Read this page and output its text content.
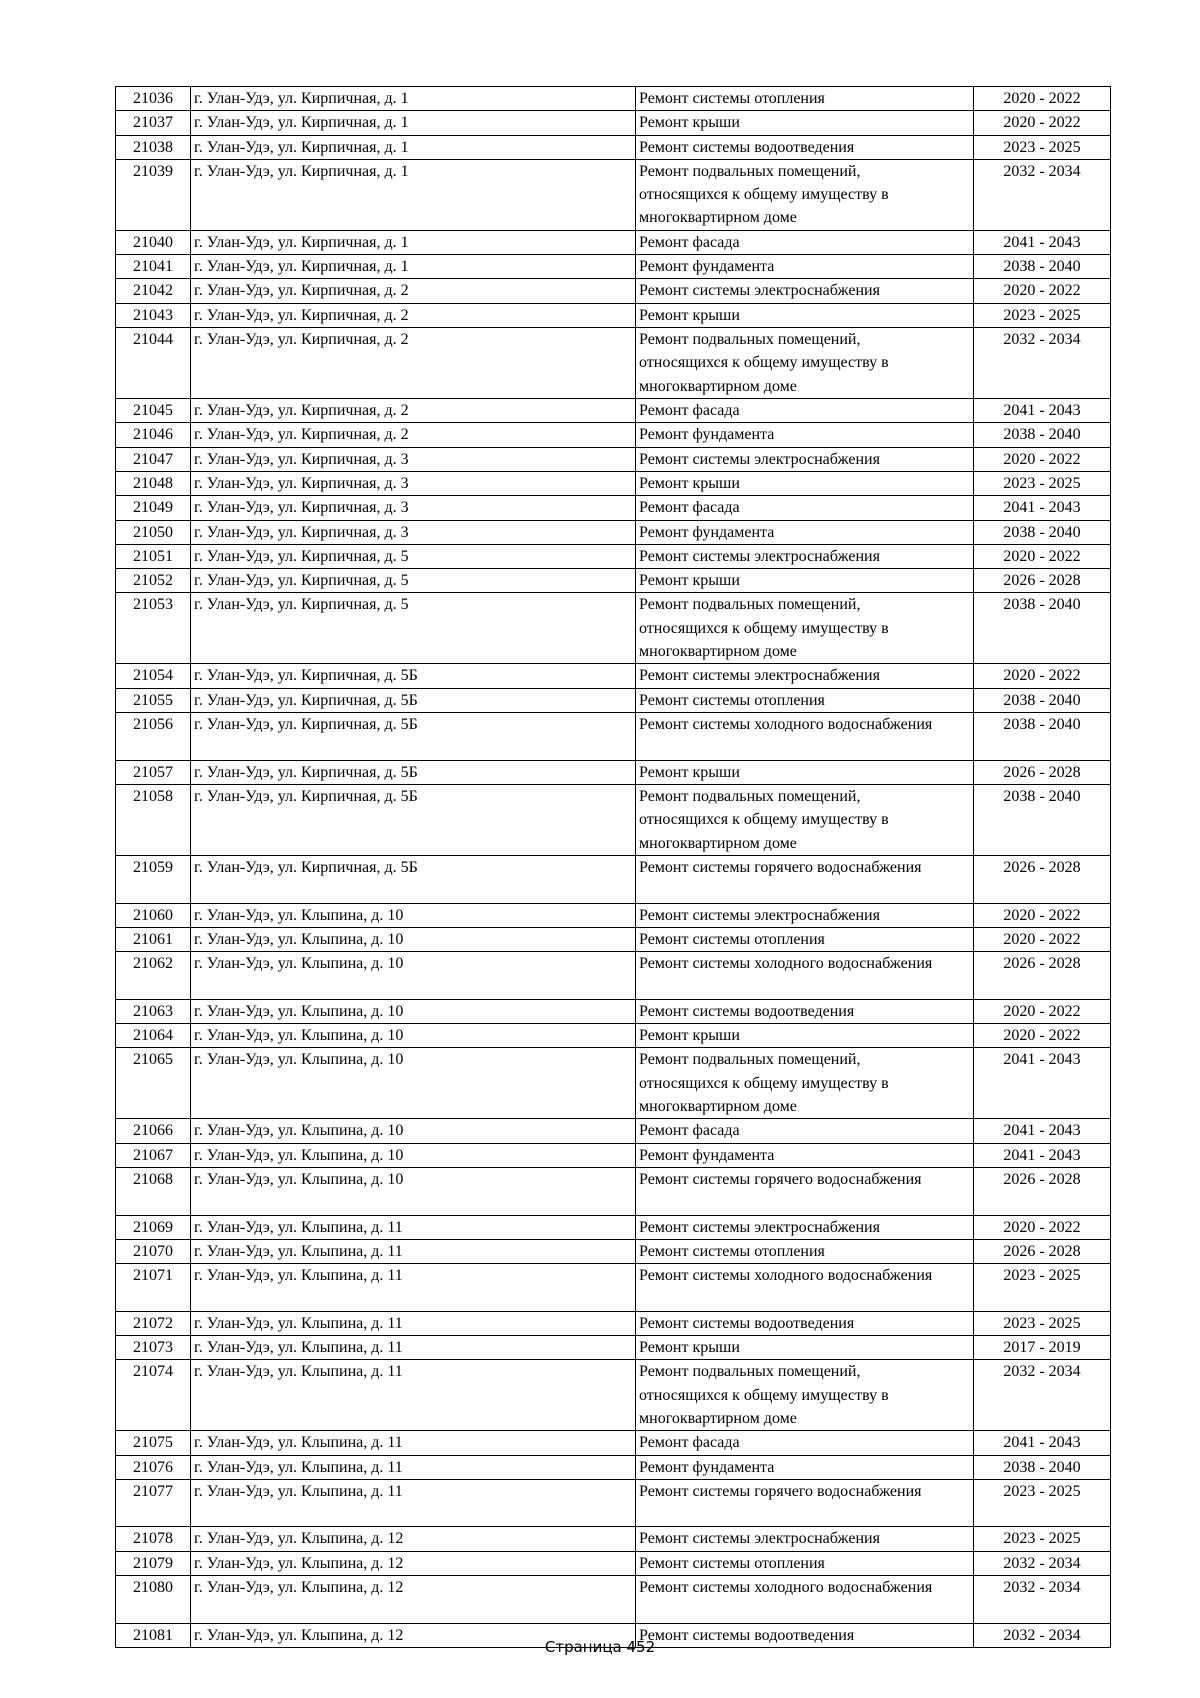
21036	г. Улан-Удэ, ул. Кирпичная, д. 1	Ремонт системы отопления	2020 - 2022
21037	г. Улан-Удэ, ул. Кирпичная, д. 1	Ремонт крыши	2020 - 2022
21038	г. Улан-Удэ, ул. Кирпичная, д. 1	Ремонт системы водоотведения	2023 - 2025
21039	г. Улан-Удэ, ул. Кирпичная, д. 1	Ремонт подвальных помещений,
относящихся к общему имуществу в
многоквартирном доме	2032 - 2034
21040	г. Улан-Удэ, ул. Кирпичная, д. 1	Ремонт фасада	2041 - 2043
21041	г. Улан-Удэ, ул. Кирпичная, д. 1	Ремонт фундамента	2038 - 2040
21042	г. Улан-Удэ, ул. Кирпичная, д. 2	Ремонт системы электроснабжения	2020 - 2022
21043	г. Улан-Удэ, ул. Кирпичная, д. 2	Ремонт крыши	2023 - 2025
21044	г. Улан-Удэ, ул. Кирпичная, д. 2	Ремонт подвальных помещений,
относящихся к общему имуществу в
многоквартирном доме	2032 - 2034
21045	г. Улан-Удэ, ул. Кирпичная, д. 2	Ремонт фасада	2041 - 2043
21046	г. Улан-Удэ, ул. Кирпичная, д. 2	Ремонт фундамента	2038 - 2040
21047	г. Улан-Удэ, ул. Кирпичная, д. 3	Ремонт системы электроснабжения	2020 - 2022
21048	г. Улан-Удэ, ул. Кирпичная, д. 3	Ремонт крыши	2023 - 2025
21049	г. Улан-Удэ, ул. Кирпичная, д. 3	Ремонт фасада	2041 - 2043
21050	г. Улан-Удэ, ул. Кирпичная, д. 3	Ремонт фундамента	2038 - 2040
21051	г. Улан-Удэ, ул. Кирпичная, д. 5	Ремонт системы электроснабжения	2020 - 2022
21052	г. Улан-Удэ, ул. Кирпичная, д. 5	Ремонт крыши	2026 - 2028
21053	г. Улан-Удэ, ул. Кирпичная, д. 5	Ремонт подвальных помещений,
относящихся к общему имуществу в
многоквартирном доме	2038 - 2040
21054	г. Улан-Удэ, ул. Кирпичная, д. 5Б	Ремонт системы электроснабжения	2020 - 2022
21055	г. Улан-Удэ, ул. Кирпичная, д. 5Б	Ремонт системы отопления	2038 - 2040
21056	г. Улан-Удэ, ул. Кирпичная, д. 5Б	Ремонт системы холодного водоснабжения	2038 - 2040
21057	г. Улан-Удэ, ул. Кирпичная, д. 5Б	Ремонт крыши	2026 - 2028
21058	г. Улан-Удэ, ул. Кирпичная, д. 5Б	Ремонт подвальных помещений,
относящихся к общему имуществу в
многоквартирном доме	2038 - 2040
21059	г. Улан-Удэ, ул. Кирпичная, д. 5Б	Ремонт системы горячего водоснабжения	2026 - 2028
21060	г. Улан-Удэ, ул. Клыпина, д. 10	Ремонт системы электроснабжения	2020 - 2022
21061	г. Улан-Удэ, ул. Клыпина, д. 10	Ремонт системы отопления	2020 - 2022
21062	г. Улан-Удэ, ул. Клыпина, д. 10	Ремонт системы холодного водоснабжения	2026 - 2028
21063	г. Улан-Удэ, ул. Клыпина, д. 10	Ремонт системы водоотведения	2020 - 2022
21064	г. Улан-Удэ, ул. Клыпина, д. 10	Ремонт крыши	2020 - 2022
21065	г. Улан-Удэ, ул. Клыпина, д. 10	Ремонт подвальных помещений,
относящихся к общему имуществу в
многоквартирном доме	2041 - 2043
21066	г. Улан-Удэ, ул. Клыпина, д. 10	Ремонт фасада	2041 - 2043
21067	г. Улан-Удэ, ул. Клыпина, д. 10	Ремонт фундамента	2041 - 2043
21068	г. Улан-Удэ, ул. Клыпина, д. 10	Ремонт системы горячего водоснабжения	2026 - 2028
21069	г. Улан-Удэ, ул. Клыпина, д. 11	Ремонт системы электроснабжения	2020 - 2022
21070	г. Улан-Удэ, ул. Клыпина, д. 11	Ремонт системы отопления	2026 - 2028
21071	г. Улан-Удэ, ул. Клыпина, д. 11	Ремонт системы холодного водоснабжения	2023 - 2025
21072	г. Улан-Удэ, ул. Клыпина, д. 11	Ремонт системы водоотведения	2023 - 2025
21073	г. Улан-Удэ, ул. Клыпина, д. 11	Ремонт крыши	2017 - 2019
21074	г. Улан-Удэ, ул. Клыпина, д. 11	Ремонт подвальных помещений,
относящихся к общему имуществу в
многоквартирном доме	2032 - 2034
21075	г. Улан-Удэ, ул. Клыпина, д. 11	Ремонт фасада	2041 - 2043
21076	г. Улан-Удэ, ул. Клыпина, д. 11	Ремонт фундамента	2038 - 2040
21077	г. Улан-Удэ, ул. Клыпина, д. 11	Ремонт системы горячего водоснабжения	2023 - 2025
21078	г. Улан-Удэ, ул. Клыпина, д. 12	Ремонт системы электроснабжения	2023 - 2025
21079	г. Улан-Удэ, ул. Клыпина, д. 12	Ремонт системы отопления	2032 - 2034
21080	г. Улан-Удэ, ул. Клыпина, д. 12	Ремонт системы холодного водоснабжения	2032 - 2034
21081	г. Улан-Удэ, ул. Клыпина, д. 12	Ремонт системы водоотведения	2032 - 2034
Страница 452
